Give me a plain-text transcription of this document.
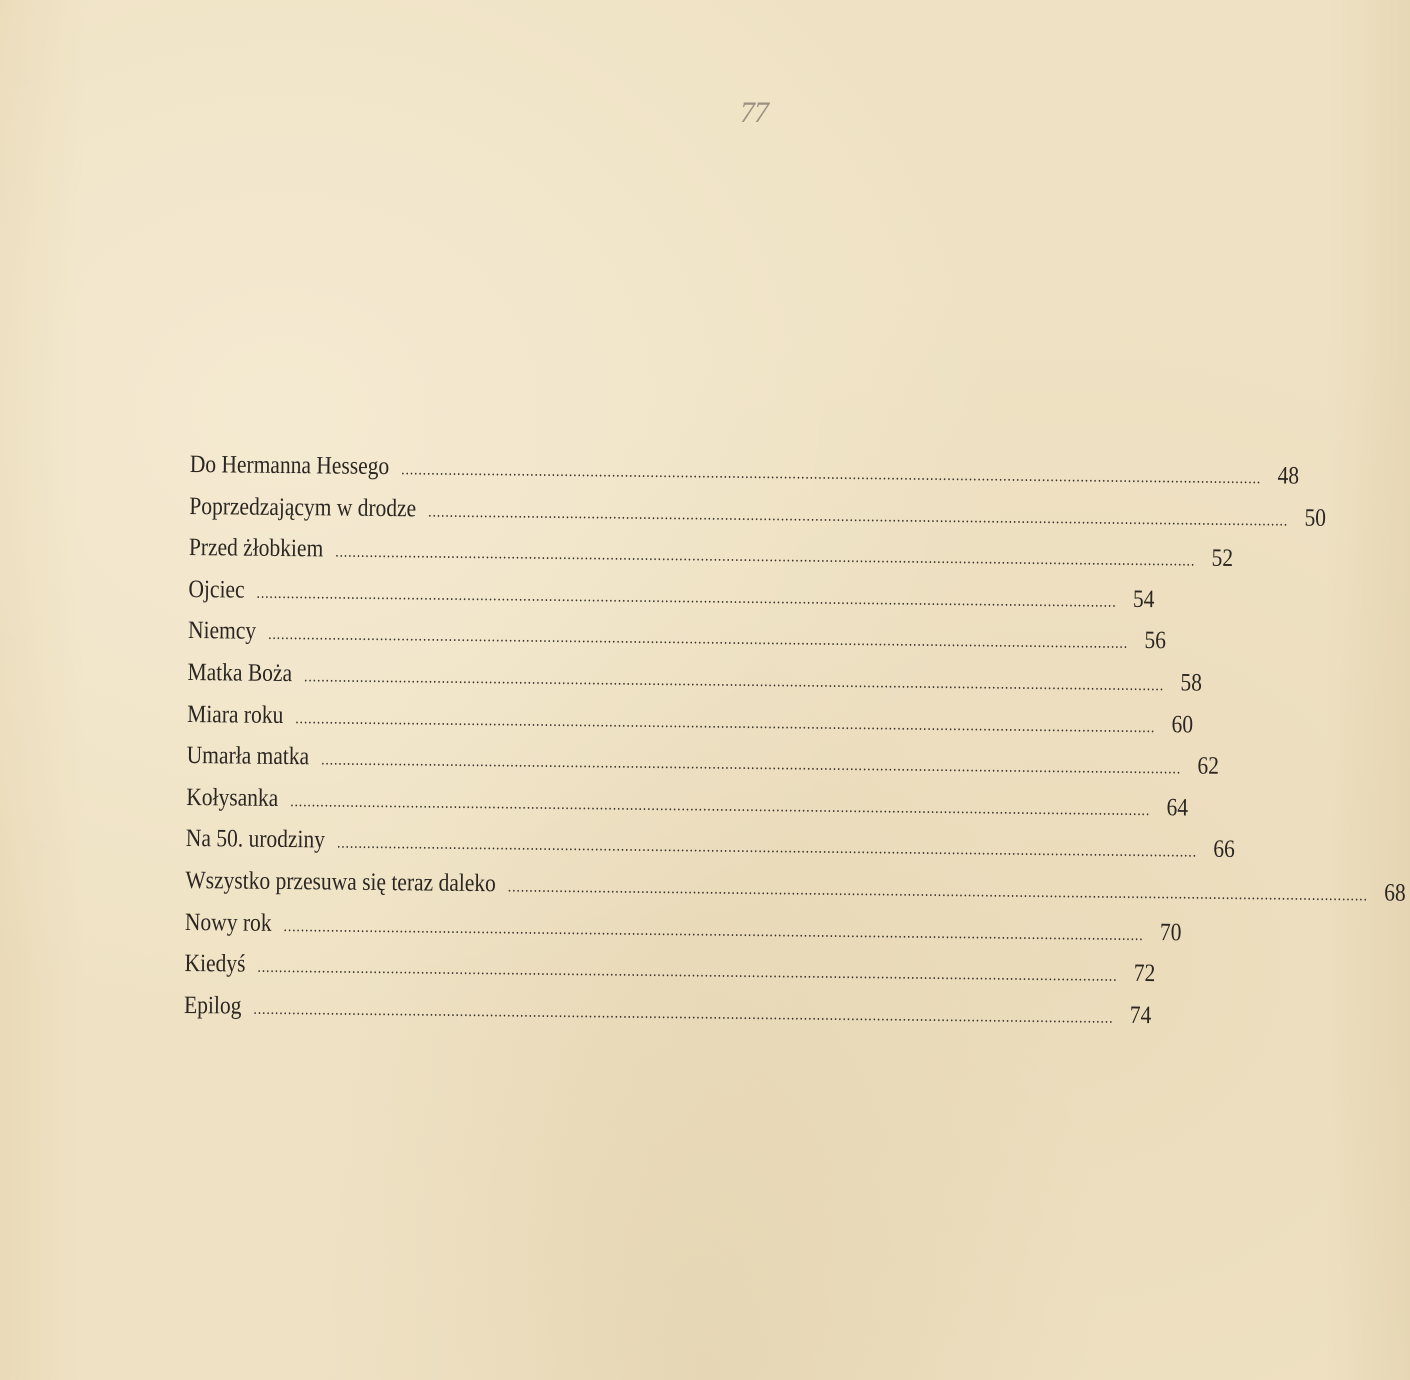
77
Do Hermanna Hessego ........................................................................................................................................................................................................ 48
Poprzedzającym w drodze ........................................................................................................................................................................................................ 50
Przed żłobkiem ........................................................................................................................................................................................................ 52
Ojciec ........................................................................................................................................................................................................ 54
Niemcy ........................................................................................................................................................................................................ 56
Matka Boża ........................................................................................................................................................................................................ 58
Miara roku ........................................................................................................................................................................................................ 60
Umarła matka ........................................................................................................................................................................................................ 62
Kołysanka ........................................................................................................................................................................................................ 64
Na 50. urodziny ........................................................................................................................................................................................................ 66
Wszystko przesuwa się teraz daleko ........................................................................................................................................................................................................ 68
Nowy rok ........................................................................................................................................................................................................ 70
Kiedyś ........................................................................................................................................................................................................ 72
Epilog ........................................................................................................................................................................................................ 74
